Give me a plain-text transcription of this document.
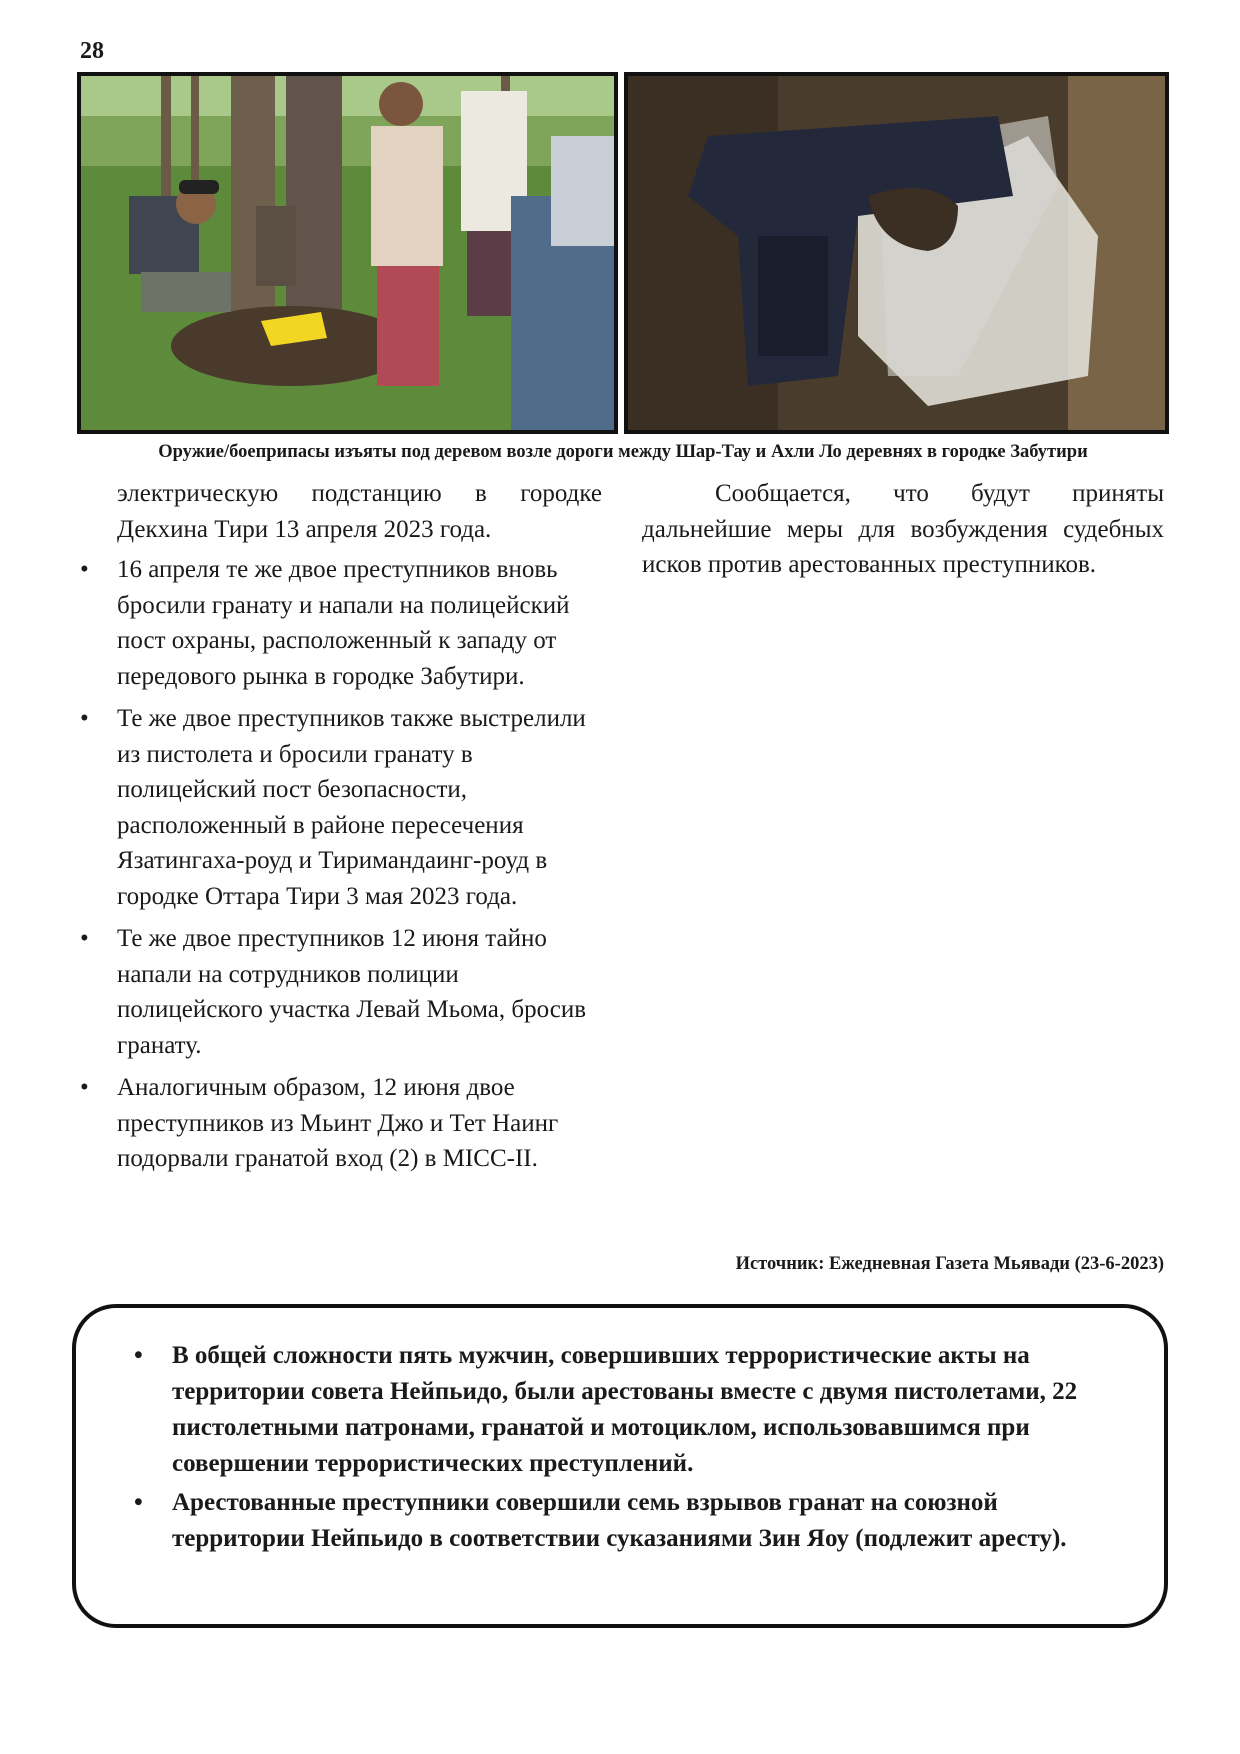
28
Оружие/боеприпасы изъяты под деревом возле дороги между Шар-Тау и Ахли Ло деревнях в городке Забутири

электрическую подстанцию в городке Декхина Тири 13 апреля 2023 года.

• 16 апреля те же двое преступников вновь бросили гранату и напали на полицейский пост охраны, расположенный к западу от передового рынка в городке Забутири.
• Те же двое преступников также выстрелили из пистолета и бросили гранату в полицейский пост безопасности, расположенный в районе пересечения Язатингаха-роуд и Тиримандаинг-роуд в городке Оттара Тири 3 мая 2023 года.
• Те же двое преступников 12 июня тайно напали на сотрудников полиции полицейского участка Левай Мьома, бросив гранату.
• Аналогичным образом, 12 июня двое преступников из Мьинт Джо и Тет Наинг подорвали гранатой вход (2) в MICC-II.

Сообщается, что будут приняты дальнейшие меры для возбуждения судебных исков против арестованных преступников.

Источник: Ежедневная Газета Мьявади (23-6-2023)
• В общей сложности пять мужчин, совершивших террористические акты на территории совета Нейпьидо, были арестованы вместе с двумя пистолетами, 22 пистолетными патронами, гранатой и мотоциклом, использовавшимся при совершении террористических преступлений.
• Арестованные преступники совершили семь взрывов гранат на союзной территории Нейпьидо в соответствии суказаниями Зин Яоу (подлежит аресту).
